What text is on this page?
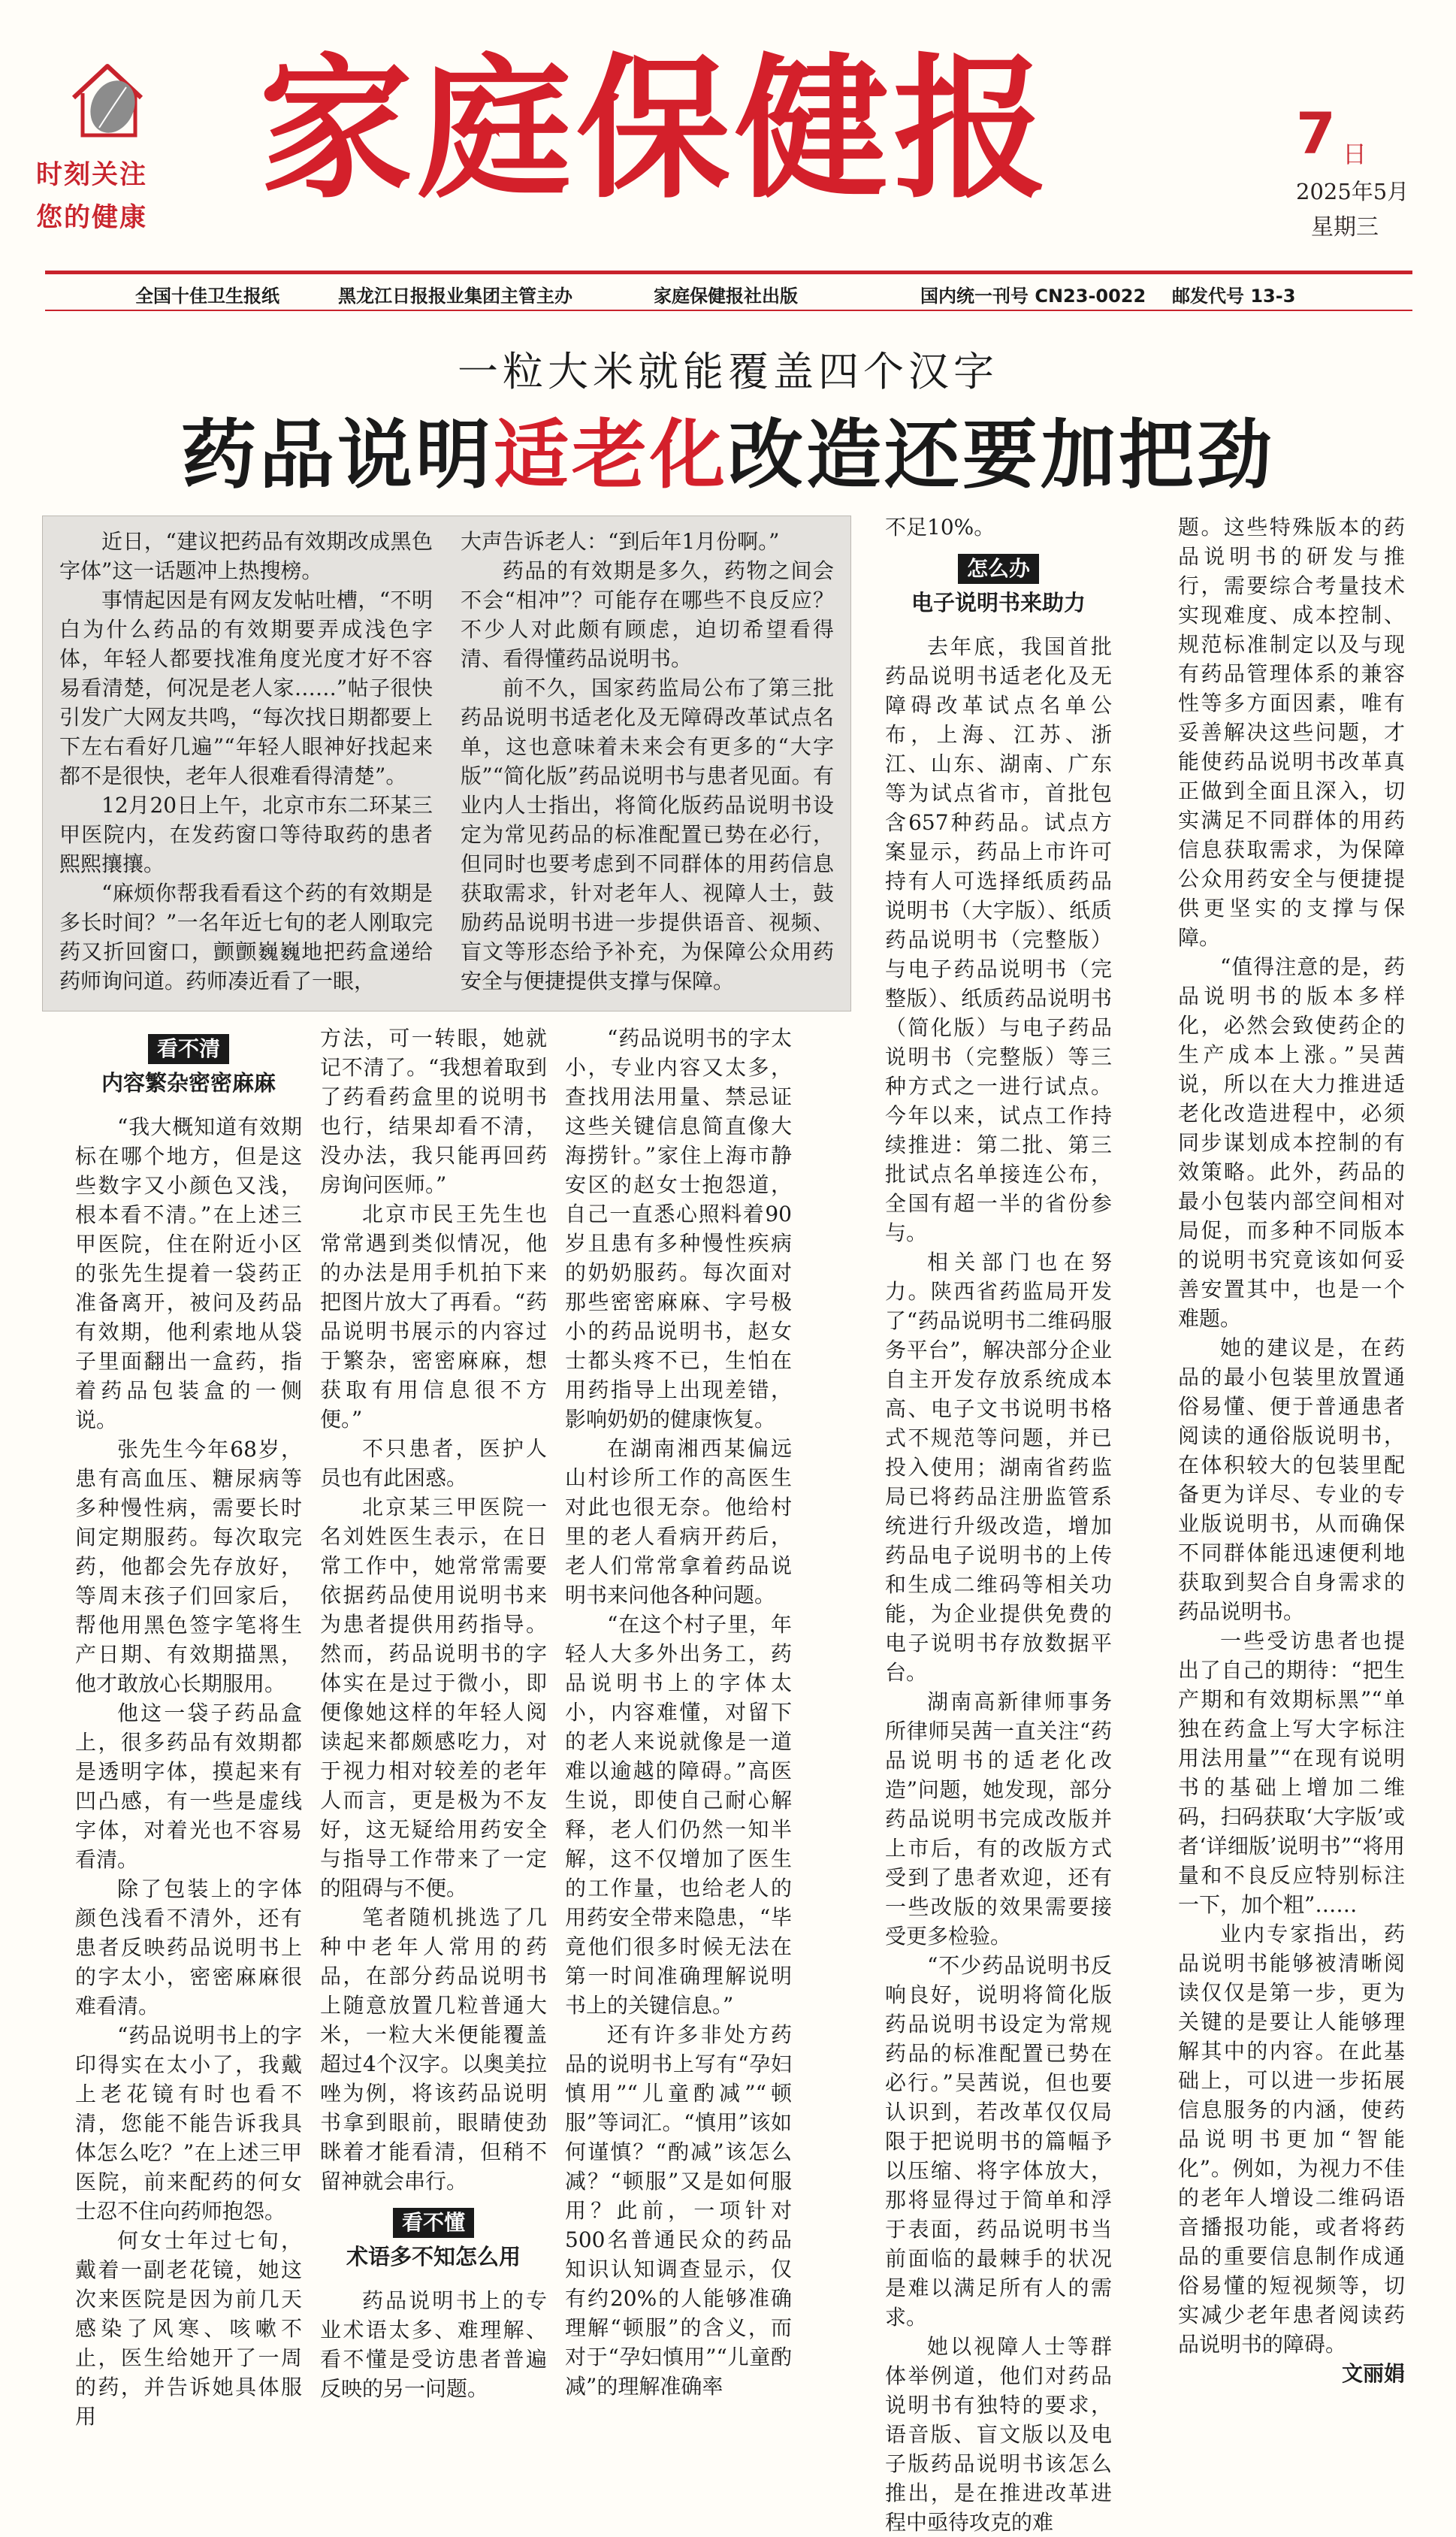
时刻关注
您的健康 家庭保健报	7 日
2025年5月
星期三
全国十佳卫生报纸	黑龙江日报报业集团主管主办	家庭保健报社出版	国内统一刊号 CN23-0022 邮发代号 13-3
一粒大米就能覆盖四个汉字
药品说明适老化改造还要加把劲

近日，“建议把药品有效期改成黑色字体”这一话题冲上热搜榜。

事情起因是有网友发帖吐槽，“不明白为什么药品的有效期要弄成浅色字体，年轻人都要找准角度光度才好不容易看清楚，何况是老人家……”帖子很快引发广大网友共鸣，“每次找日期都要上下左右看好几遍”“年轻人眼神好找起来都不是很快，老年人很难看得清楚”。

12月20日上午，北京市东二环某三甲医院内，在发药窗口等待取药的患者熙熙攘攘。

“麻烦你帮我看看这个药的有效期是多长时间？”一名年近七旬的老人刚取完药又折回窗口，颤颤巍巍地把药盒递给药师询问道。药师凑近看了一眼，

大声告诉老人：“到后年1月份啊。”

药品的有效期是多久，药物之间会不会“相冲”？可能存在哪些不良反应？不少人对此颇有顾虑，迫切希望看得清、看得懂药品说明书。

前不久，国家药监局公布了第三批药品说明书适老化及无障碍改革试点名单，这也意味着未来会有更多的“大字版”“简化版”药品说明书与患者见面。有业内人士指出，将简化版药品说明书设定为常见药品的标准配置已势在必行，但同时也要考虑到不同群体的用药信息获取需求，针对老年人、视障人士，鼓励药品说明书进一步提供语音、视频、盲文等形态给予补充，为保障公众用药安全与便捷提供支撑与保障。

看不清
内容繁杂密密麻麻

“我大概知道有效期标在哪个地方，但是这些数字又小颜色又浅，根本看不清。”在上述三甲医院，住在附近小区的张先生提着一袋药正准备离开，被问及药品有效期，他利索地从袋子里面翻出一盒药，指着药品包装盒的一侧说。

张先生今年68岁，患有高血压、糖尿病等多种慢性病，需要长时间定期服药。每次取完药，他都会先存放好，等周末孩子们回家后，帮他用黑色签字笔将生产日期、有效期描黑，他才敢放心长期服用。

他这一袋子药品盒上，很多药品有效期都是透明字体，摸起来有凹凸感，有一些是虚线字体，对着光也不容易看清。

除了包装上的字体颜色浅看不清外，还有患者反映药品说明书上的字太小，密密麻麻很难看清。

“药品说明书上的字印得实在太小了，我戴上老花镜有时也看不清，您能不能告诉我具体怎么吃？”在上述三甲医院，前来配药的何女士忍不住向药师抱怨。

何女士年过七旬，戴着一副老花镜，她这次来医院是因为前几天感染了风寒、咳嗽不止，医生给她开了一周的药，并告诉她具体服用

方法，可一转眼，她就记不清了。“我想着取到了药看药盒里的说明书也行，结果却看不清，没办法，我只能再回药房询问医师。”

北京市民王先生也常常遇到类似情况，他的办法是用手机拍下来把图片放大了再看。“药品说明书展示的内容过于繁杂，密密麻麻，想获取有用信息很不方便。”

不只患者，医护人员也有此困惑。

北京某三甲医院一名刘姓医生表示，在日常工作中，她常常需要依据药品使用说明书来为患者提供用药指导。然而，药品说明书的字体实在是过于微小，即便像她这样的年轻人阅读起来都颇感吃力，对于视力相对较差的老年人而言，更是极为不友好，这无疑给用药安全与指导工作带来了一定的阻碍与不便。

笔者随机挑选了几种中老年人常用的药品，在部分药品说明书上随意放置几粒普通大米，一粒大米便能覆盖超过4个汉字。以奥美拉唑为例，将该药品说明书拿到眼前，眼睛使劲眯着才能看清，但稍不留神就会串行。

看不懂
术语多不知怎么用

药品说明书上的专业术语太多、难理解、看不懂是受访患者普遍反映的另一问题。

“药品说明书的字太小，专业内容又太多，查找用法用量、禁忌证这些关键信息简直像大海捞针。”家住上海市静安区的赵女士抱怨道，自己一直悉心照料着90岁且患有多种慢性疾病的奶奶服药。每次面对那些密密麻麻、字号极小的药品说明书，赵女士都头疼不已，生怕在用药指导上出现差错，影响奶奶的健康恢复。

在湖南湘西某偏远山村诊所工作的高医生对此也很无奈。他给村里的老人看病开药后，老人们常常拿着药品说明书来问他各种问题。

“在这个村子里，年轻人大多外出务工，药品说明书上的字体太小，内容难懂，对留下的老人来说就像是一道难以逾越的障碍。”高医生说，即使自己耐心解释，老人们仍然一知半解，这不仅增加了医生的工作量，也给老人的用药安全带来隐患，“毕竟他们很多时候无法在第一时间准确理解说明书上的关键信息。”

还有许多非处方药品的说明书上写有“孕妇慎用”“儿童酌减”“顿服”等词汇。“慎用”该如何谨慎？“酌减”该怎么减？“顿服”又是如何服用？此前，一项针对500名普通民众的药品知识认知调查显示，仅有约20%的人能够准确理解“顿服”的含义，而对于“孕妇慎用”“儿童酌减”的理解准确率

不足10%。

怎么办
电子说明书来助力

去年底，我国首批药品说明书适老化及无障碍改革试点名单公布，上海、江苏、浙江、山东、湖南、广东等为试点省市，首批包含657种药品。试点方案显示，药品上市许可持有人可选择纸质药品说明书（大字版）、纸质药品说明书（完整版）与电子药品说明书（完整版）、纸质药品说明书（简化版）与电子药品说明书（完整版）等三种方式之一进行试点。今年以来，试点工作持续推进：第二批、第三批试点名单接连公布，全国有超一半的省份参与。

相关部门也在努力。陕西省药监局开发了“药品说明书二维码服务平台”，解决部分企业自主开发存放系统成本高、电子文书说明书格式不规范等问题，并已投入使用；湖南省药监局已将药品注册监管系统进行升级改造，增加药品电子说明书的上传和生成二维码等相关功能，为企业提供免费的电子说明书存放数据平台。

湖南高新律师事务所律师吴茜一直关注“药品说明书的适老化改造”问题，她发现，部分药品说明书完成改版并上市后，有的改版方式受到了患者欢迎，还有一些改版的效果需要接受更多检验。

“不少药品说明书反响良好，说明将简化版药品说明书设定为常规药品的标准配置已势在必行。”吴茜说，但也要认识到，若改革仅仅局限于把说明书的篇幅予以压缩、将字体放大，那将显得过于简单和浮于表面，药品说明书当前面临的最棘手的状况是难以满足所有人的需求。

她以视障人士等群体举例道，他们对药品说明书有独特的要求，语音版、盲文版以及电子版药品说明书该怎么推出，是在推进改革进程中亟待攻克的难

题。这些特殊版本的药品说明书的研发与推行，需要综合考量技术实现难度、成本控制、规范标准制定以及与现有药品管理体系的兼容性等多方面因素，唯有妥善解决这些问题，才能使药品说明书改革真正做到全面且深入，切实满足不同群体的用药信息获取需求，为保障公众用药安全与便捷提供更坚实的支撑与保障。

“值得注意的是，药品说明书的版本多样化，必然会致使药企的生产成本上涨。”吴茜说，所以在大力推进适老化改造进程中，必须同步谋划成本控制的有效策略。此外，药品的最小包装内部空间相对局促，而多种不同版本的说明书究竟该如何妥善安置其中，也是一个难题。

她的建议是，在药品的最小包装里放置通俗易懂、便于普通患者阅读的通俗版说明书，在体积较大的包装里配备更为详尽、专业的专业版说明书，从而确保不同群体能迅速便利地获取到契合自身需求的药品说明书。

一些受访患者也提出了自己的期待：“把生产期和有效期标黑”“单独在药盒上写大字标注用法用量”“在现有说明书的基础上增加二维码，扫码获取‘大字版’或者‘详细版’说明书”“将用量和不良反应特别标注一下，加个粗”……

业内专家指出，药品说明书能够被清晰阅读仅仅是第一步，更为关键的是要让人能够理解其中的内容。在此基础上，可以进一步拓展信息服务的内涵，使药品说明书更加“智能化”。例如，为视力不佳的老年人增设二维码语音播报功能，或者将药品的重要信息制作成通俗易懂的短视频等，切实减少老年患者阅读药品说明书的障碍。

文丽娟
